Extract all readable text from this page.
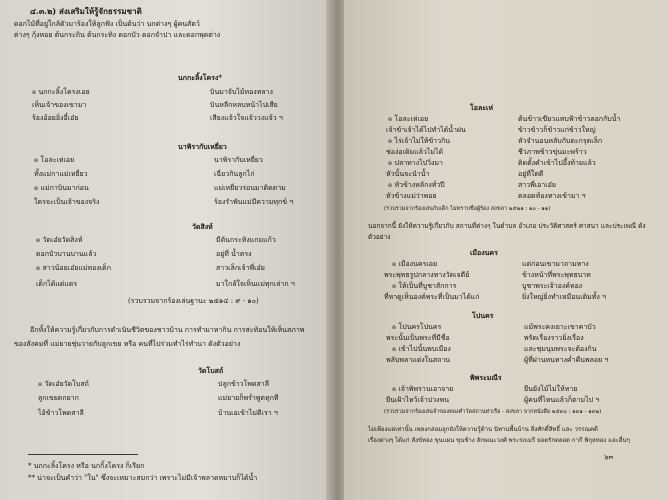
๔.๓.๒) ส่งเสริมให้รู้จักธรรมชาติ
ดอกไม้ที่อยู่ใกล้ตัวมาร้องให้ลูกฟัง เป็นต้นว่า นกต่างๆ ผู้คนสัตว์
ต่างๆ กุ้งหอย ต้นกระถิน ต้นกระทิง ดอกบัว ดอกจำปา และดอกพุดต่าง
นกกะลิ้งโครง*
๏ นกกะลิ้งโครงเอย	บินมาจับไม้ทองหลาง
เห็นเจ้าของเขามา	บินหลีกหลบหน้าไปเสีย
ร้องอ้อยอิ่งอี๋เอ๋ย	เสียงแจ้วใจแจ้ววงแจ้ว ฯ
นาพิรากับเหยี่ยว
๏ โอละเห่เอย	นาพิรากับเหยี่ยว
ทั้งแม่กาแม่เหยี่ยว	เฉี่ยวกินลูกไก่
๏ แม่กาบินมาก่อน	แม่เหยี่ยวร่อนมาติดตาม
ใครจะเป็นเจ้าของจริง	ร้องรำพันแม่มีความทุกข์ ฯ
วัดสิงห์
๏ วัดเอ๋ยวัดสิงห์	มีต้นกระทิงแกมแก้ว
ดอกบัวบานบานแล้ว	อยู่ที่ น้ำตรง
๏ สาวน้อยเอ๋ยแม่ทองเด็ก	สาวเล็กเจ้าพี่เอ๋ย
เด็กได้แต่แตร	มาใกล้ใจเห็นแม่ทุกเล่าก ฯ
(รวบรวมจากร้องเล่นฐานะ ๒๕๑๔ : ๙ - ๑๐)
อีกทั้งให้ความรู้เกี่ยวกับการดำเนินชีวิตของชาวบ้าน การทำมาหากิน การสะท้อนให้เห็นสภาพ
ของสังคมที่ แม่ยายชุ่นวายกับลูกเขย หรือ คนที่ไปร่วมทำไร่ทำนา ดังตัวอย่าง
วัดโบสถ์
๏ วัดเอ๋ยวัดโบสถ์	ปลูกข้าวโพดสาลี
ลูกเขยตกยาก	แม่ยายก็พร่ำพูดทุกที
ไอ้ข้าวโพดสาลี	บ้านเอเข้าไม่ดีเรา ฯ
* นกกะลิ้งโครง หรือ นกกิ้งโครง ก็เรียก
** น่าจะเป็นคำว่า "ใน" ซึ่งจะเหมาะสมกว่า เพราะไม่มีเจ้าพลาดหมาบก็ได้น้ำ
โอละเห่
๏ โอละเห่เอย	ต้นข้าวเขียวแทบฟ้าข้าวลอกกับน้ำ
เจ้าข้าเจ้าได้ไปทำได้น้ำฝน	ข้าวข้าวก็ข้าวแก่ข้าวใหญ่
๏ ไร่เจ้าไม่ให้ข้าวกิน	หัวจำนอนหลับกับตะกรุดเล็ก
ช่อง่อเดิมแล้วไม่ได้	ชีวภาพข้าวขุ่นมะพร้าว
๏ ปลาทางไปวิ่งมา	ติดตั้งคำเข้าไปอึ้งท้ายแล้ว
หัวนั้นจะนำน้ำ	อยู่ที่ใดดี
๏ หัวข้างหลักงทั่วปี	สาวพี่เอาเอ๋ย
หัวข้างแม่ว่าพอย	ตลอดท้องทางเข้ามา ฯ
(รวบรวมจากร้องเล่นกับเด็ก ไม่ทราบชื่อผู้ร้อง สงขลา ๒๕๒๑ : ๑๐ - ๑๑)
นอกจากนี้ ยังให้ความรู้เกี่ยวกับ สถานที่ต่างๆ ในตำบล อำเภอ ประวัติศาสตร์ ศาสนา และประเพณี ดัง
ตัวอย่าง
เมืองนคร
๏ เมืองนครเอย	แต่ก่อนเขามาถามทาง
พระพุทธรูปกลางทางวัดเจดีย์	ข้างหน้าที่พระพุทธบาท
๏ ให้เป็นที่บูชาสักการ	บูชาพระเจ้าองค์ทอง
ที่หาดูเห็นองค์พระที่เป็นมาได้แก่	ยิ่งใหญ่ยิ่งทำเหมือนเดิมทั้ง ฯ
โปนคร
๏ โปนครโปนคร	แม้พระคงเยาะเขาคาบัว
พระนั้นเป็นพระที่มีชื่อ	พรัดเรื่องราวยิ่งเรื่อง
๏ เข้าไปนั้นพบเมือง	และชุมนุมพระจะต้องกิน
พลับพลาแต่งในสถาน	ผู้ที่ผ่านหนทางค่ำคืนพลอย ฯ
พิพระมณีร
๏ เจ้าพิพรานเอาจาย	ยืนยังไม้ไม่ให้หาย
ยืนเฝ้าไหว้เจ้าปวงพน	ผู้คนที่ไหนแล้วก็ตามไป ฯ
(รวบรวมจากร้องเล่นจำของทองคำวัดสถานท่าเรือ - สงขลา จากหนังสือ ๒๕๓๐ : ๑๓๑ - ๑๓๒)
ไม่เพียงแต่เท่านั้น เพลงกล่อมลูกยังให้ความรู้ด้าน นิทานพื้นบ้าน สิ่งศักดิ์สิทธิ์ และ วรรณคดี
เรื่องต่างๆ ได้แก่ สังข์ทอง ขุนแผน ขุนช้าง ลักษณะวงศ์ พระรถเมรี ยอดรักตลอด กากี พิกุลทอง และอื่นๆ
๖๓
